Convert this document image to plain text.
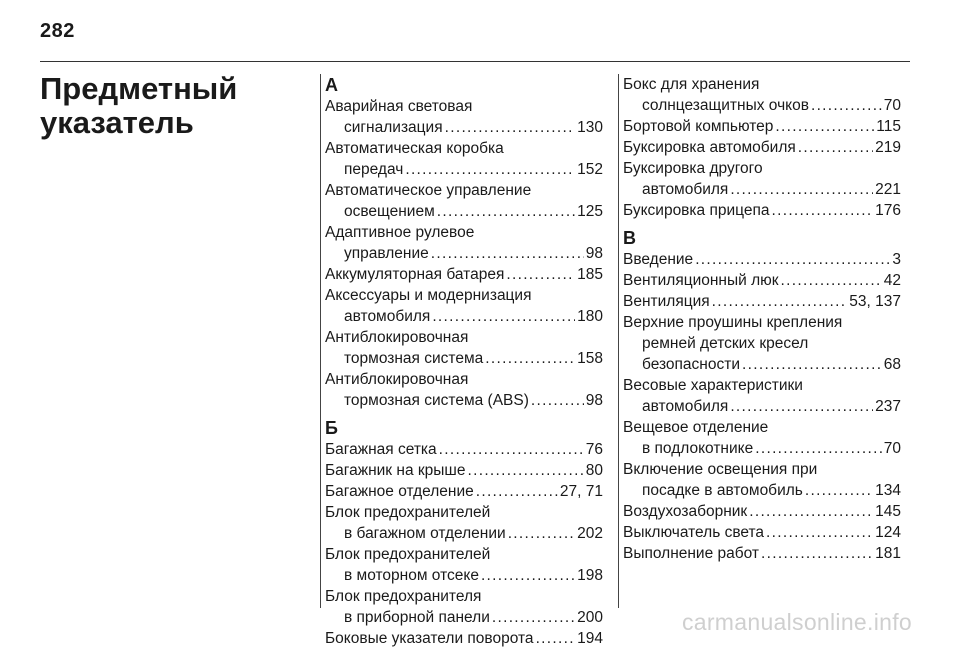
282
Предметный указатель
А
Аварийная световая
сигнализация . . .	130
Автоматическая коробка
передач . . .	152
Автоматическое управление
освещением . . .	125
Адаптивное рулевое
управление . . .	98
Аккумуляторная батарея . . .	185
Аксессуары и модернизация
автомобиля . . .	180
Антиблокировочная
тормозная система . . .	158
Антиблокировочная
тормозная система (ABS) . . .	98
Б
Багажная сетка . . .	76
Багажник на крыше . . .	80
Багажное отделение . . .	27, 71
Блок предохранителей
в багажном отделении . . .	202
Блок предохранителей
в моторном отсеке . . .	198
Блок предохранителя
в приборной панели . . .	200
Боковые указатели поворота . . .	194
Бокс для хранения
солнцезащитных очков . . .	70
Бортовой компьютер . . .	115
Буксировка автомобиля . . .	219
Буксировка другого
автомобиля . . .	221
Буксировка прицепа . . .	176
В
Введение . . .	3
Вентиляционный люк . . .	42
Вентиляция . . .	53, 137
Верхние проушины крепления
ремней детских кресел
безопасности . . .	68
Весовые характеристики
автомобиля . . .	237
Вещевое отделение
в подлокотнике . . .	70
Включение освещения при
посадке в автомобиль . . .	134
Воздухозаборник . . .	145
Выключатель света . . .	124
Выполнение работ . . .	181
carmanualsonline.info
